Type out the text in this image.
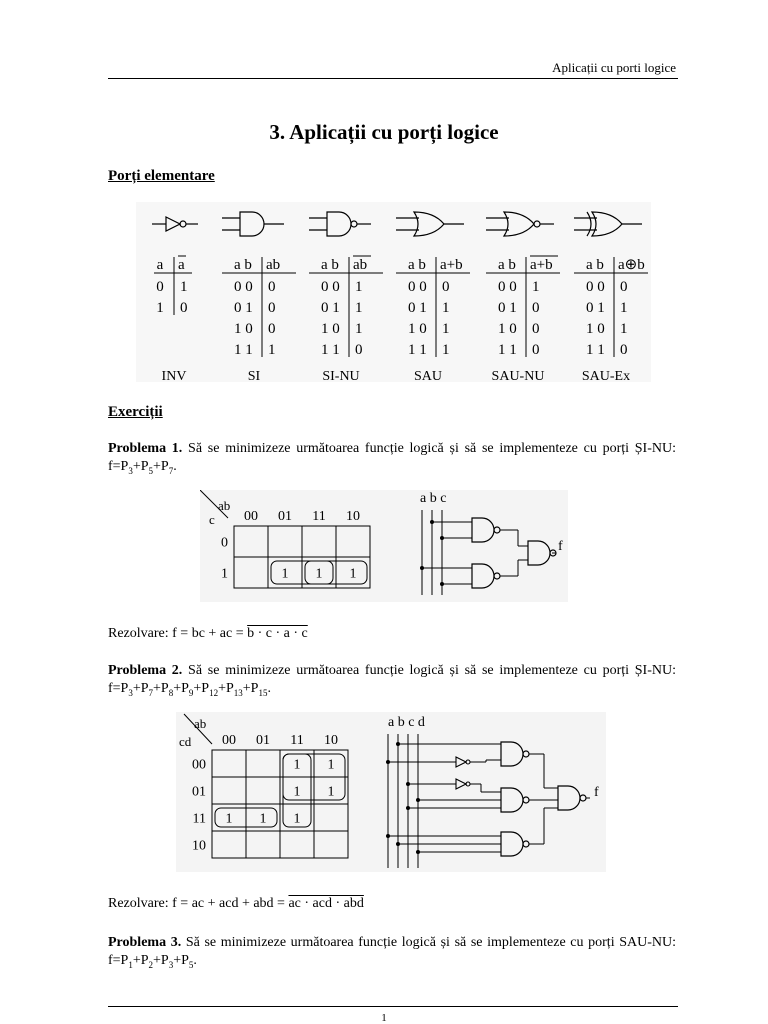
Aplicații cu porti logice
3. Aplicații cu porți logice
Porți elementare
a a
0 1
1 0
INV
a b ab
0 0 0
0 1 0
1 0 0
1 1 1
SI
a b ab
0 0 1
0 1 1
1 0 1
1 1 0
SI-NU
a b a+b
0 0 0
0 1 1
1 0 1
1 1 1
SAU
a b a+b
0 0 1
0 1 0
1 0 0
1 1 0
SAU-NU
a b a⊕b
0 0 0
0 1 1
1 0 1
1 1 0
SAU-Ex
Exerciții
Problema 1. Să se minimizeze următoarea funcție logică și să se implementeze cu porți ȘI-NU: $f=P_3+P_5+P_7$.
ab
c 00 01 11 10
0
1	1 1 1
a b c
f
Rezolvare: f = bc + ac = b · c · a · c
Problema 2. Să se minimizeze următoarea funcție logică și să se implementeze cu porți ȘI-NU: $f=P_3+P_7+P_8+P_9+P_{12}+P_{13}+P_{15}$.
ab
cd 00 01 11 10
00
01
11
10
1 1
1 1
1 1 1
a b c d
f
Rezolvare: f = ac + acd + abd = ac · acd · abd
Problema 3. Să se minimizeze următoarea funcție logică și să se implementeze cu porți SAU-NU: $f=P_1+P_2+P_3+P_5$.
1
